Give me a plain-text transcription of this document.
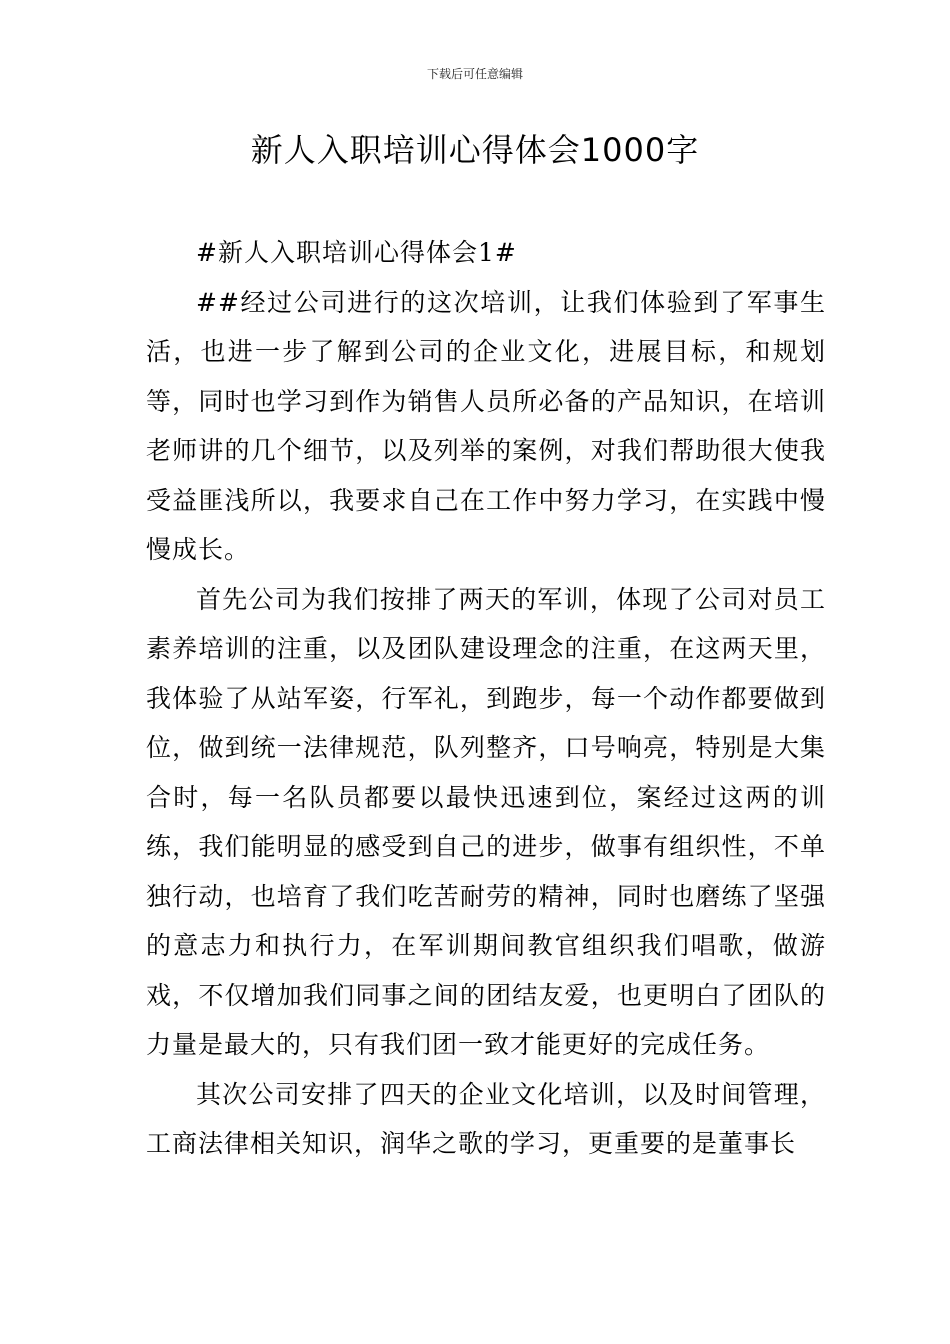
下载后可任意编辑
新人入职培训心得体会1000字

#新人入职培训心得体会1#

##经过公司进行的这次培训，让我们体验到了军事生活，也进一步了解到公司的企业文化，进展目标，和规划等，同时也学习到作为销售人员所必备的产品知识，在培训老师讲的几个细节，以及列举的案例，对我们帮助很大使我受益匪浅所以，我要求自己在工作中努力学习，在实践中慢慢成长。

首先公司为我们按排了两天的军训，体现了公司对员工素养培训的注重，以及团队建设理念的注重，在这两天里，我体验了从站军姿，行军礼，到跑步，每一个动作都要做到位，做到统一法律规范，队列整齐，口号响亮，特别是大集合时，每一名队员都要以最快迅速到位，案经过这两的训练，我们能明显的感受到自己的进步，做事有组织性，不单独行动，也培育了我们吃苦耐劳的精神，同时也磨练了坚强的意志力和执行力，在军训期间教官组织我们唱歌，做游戏，不仅增加我们同事之间的团结友爱，也更明白了团队的力量是最大的，只有我们团一致才能更好的完成任务。

其次公司安排了四天的企业文化培训，以及时间管理，工商法律相关知识，润华之歌的学习，更重要的是董事长
